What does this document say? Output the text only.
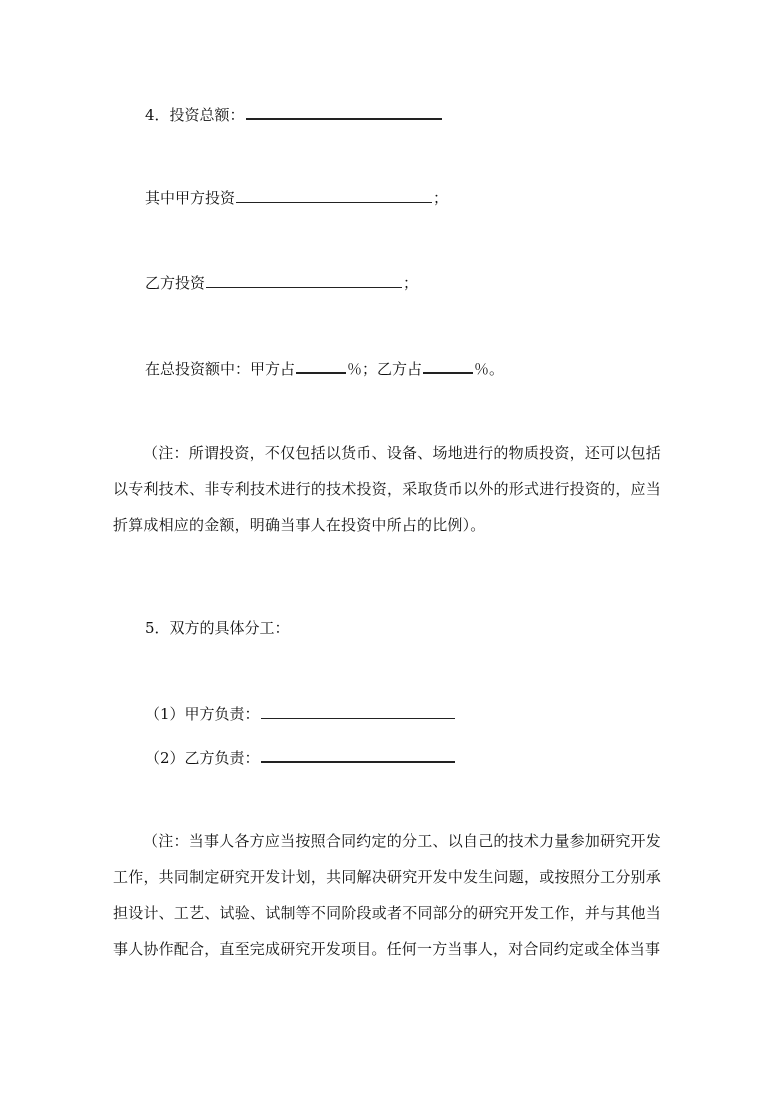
4．投资总额：
其中甲方投资	；
乙方投资	；
在总投资额中：甲方占	％；乙方占	％。
（注：所谓投资，不仅包括以货币、设备、场地进行的物质投资，还可以包括以专利技术、非专利技术进行的技术投资，采取货币以外的形式进行投资的，应当折算成相应的金额，明确当事人在投资中所占的比例）。
5．双方的具体分工：
（1）甲方负责：
（2）乙方负责：
（注：当事人各方应当按照合同约定的分工、以自己的技术力量参加研究开发工作，共同制定研究开发计划，共同解决研究开发中发生问题，或按照分工分别承担设计、工艺、试验、试制等不同阶段或者不同部分的研究开发工作，并与其他当事人协作配合，直至完成研究开发项目。任何一方当事人，对合同约定或全体当事
